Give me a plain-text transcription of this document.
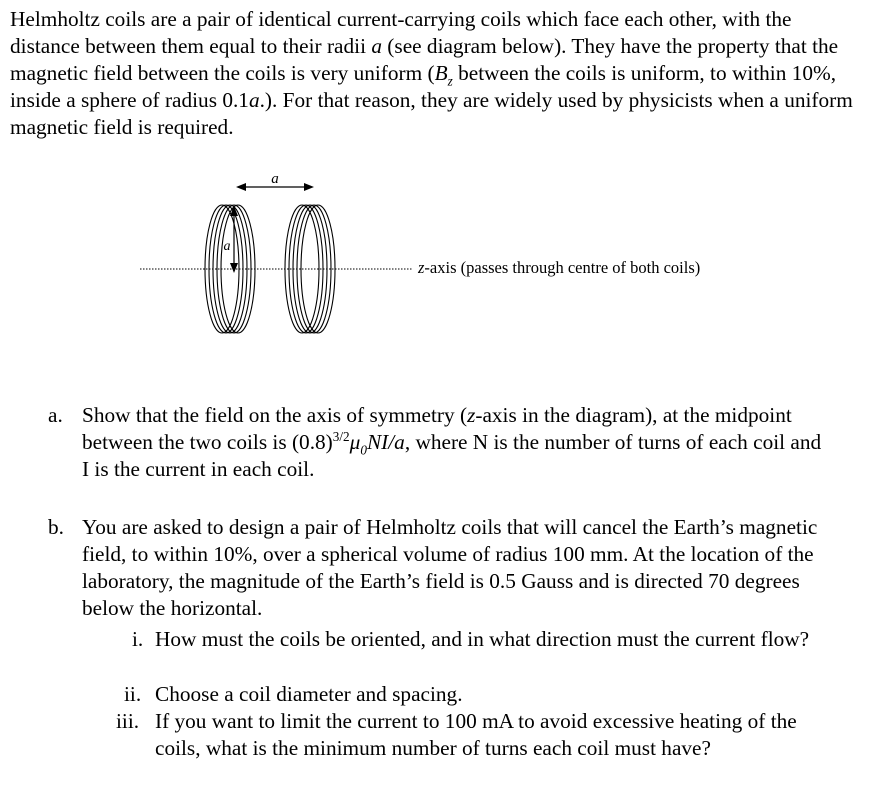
Helmholtz coils are a pair of identical current-carrying coils which face each other, with the distance between them equal to their radii a (see diagram below). They have the property that the magnetic field between the coils is very uniform ($B_z$ between the coils is uniform, to within 10%, inside a sphere of radius 0.1a.). For that reason, they are widely used by physicists when a uniform magnetic field is required.

a
a
z-axis (passes through centre of both coils)
a. Show that the field on the axis of symmetry (z-axis in the diagram), at the midpoint between the two coils is $(0.8)^{3/2}\mu_0NI/a$, where N is the number of turns of each coil and I is the current in each coil.

b. You are asked to design a pair of Helmholtz coils that will cancel the Earth’s magnetic field, to within 10%, over a spherical volume of radius 100 mm. At the location of the laboratory, the magnitude of the Earth’s field is 0.5 Gauss and is directed 70 degrees below the horizontal.

i. How must the coils be oriented, and in what direction must the current flow?

ii. Choose a coil diameter and spacing.

iii. If you want to limit the current to 100 mA to avoid excessive heating of the coils, what is the minimum number of turns each coil must have?
